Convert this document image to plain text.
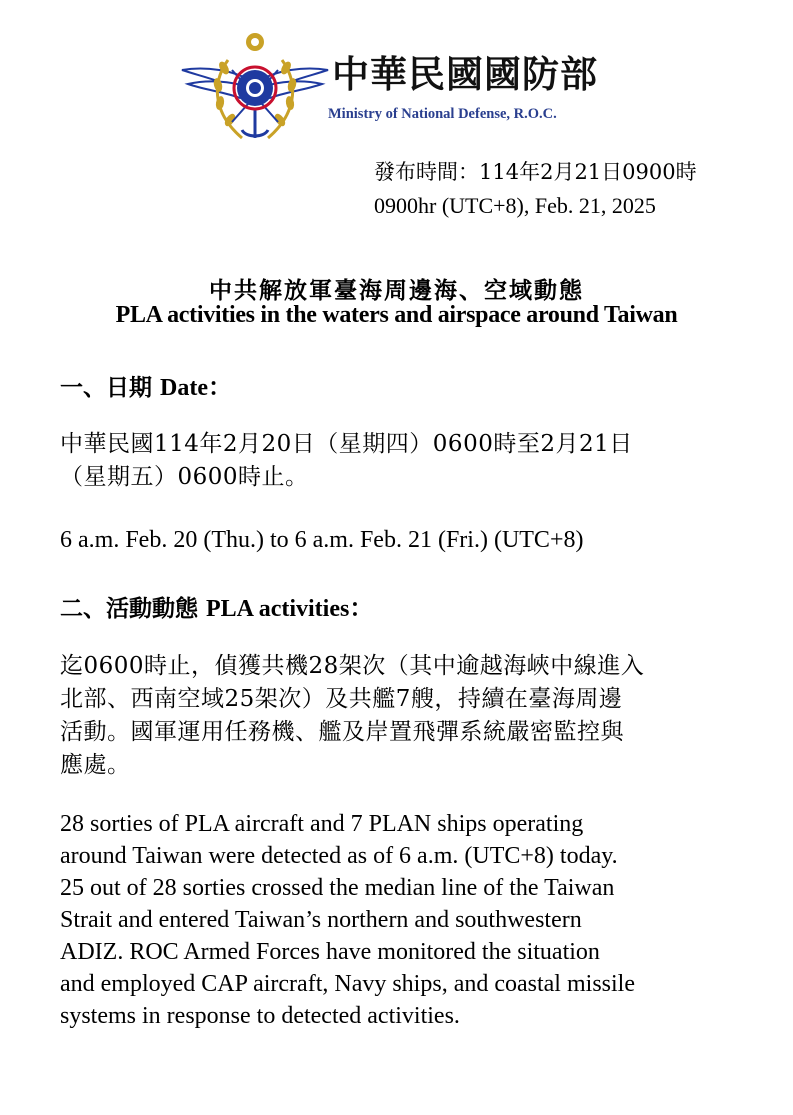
中華民國國防部
Ministry of National Defense, R.O.C.
發布時間：114年2月21日0900時
0900hr (UTC+8), Feb. 21, 2025
中共解放軍臺海周邊海、空域動態
PLA activities in the waters and airspace around Taiwan
一、日期 Date：
中華民國114年2月20日（星期四）0600時至2月21日
（星期五）0600時止。
6 a.m. Feb. 20 (Thu.) to 6 a.m. Feb. 21 (Fri.) (UTC+8)
二、活動動態 PLA activities：
迄0600時止，偵獲共機28架次（其中逾越海峽中線進入
北部、西南空域25架次）及共艦7艘，持續在臺海周邊
活動。國軍運用任務機、艦及岸置飛彈系統嚴密監控與
應處。
28 sorties of PLA aircraft and 7 PLAN ships operating
around Taiwan were detected as of 6 a.m. (UTC+8) today.
25 out of 28 sorties crossed the median line of the Taiwan
Strait and entered Taiwan’s northern and southwestern
ADIZ. ROC Armed Forces have monitored the situation
and employed CAP aircraft, Navy ships, and coastal missile
systems in response to detected activities.
